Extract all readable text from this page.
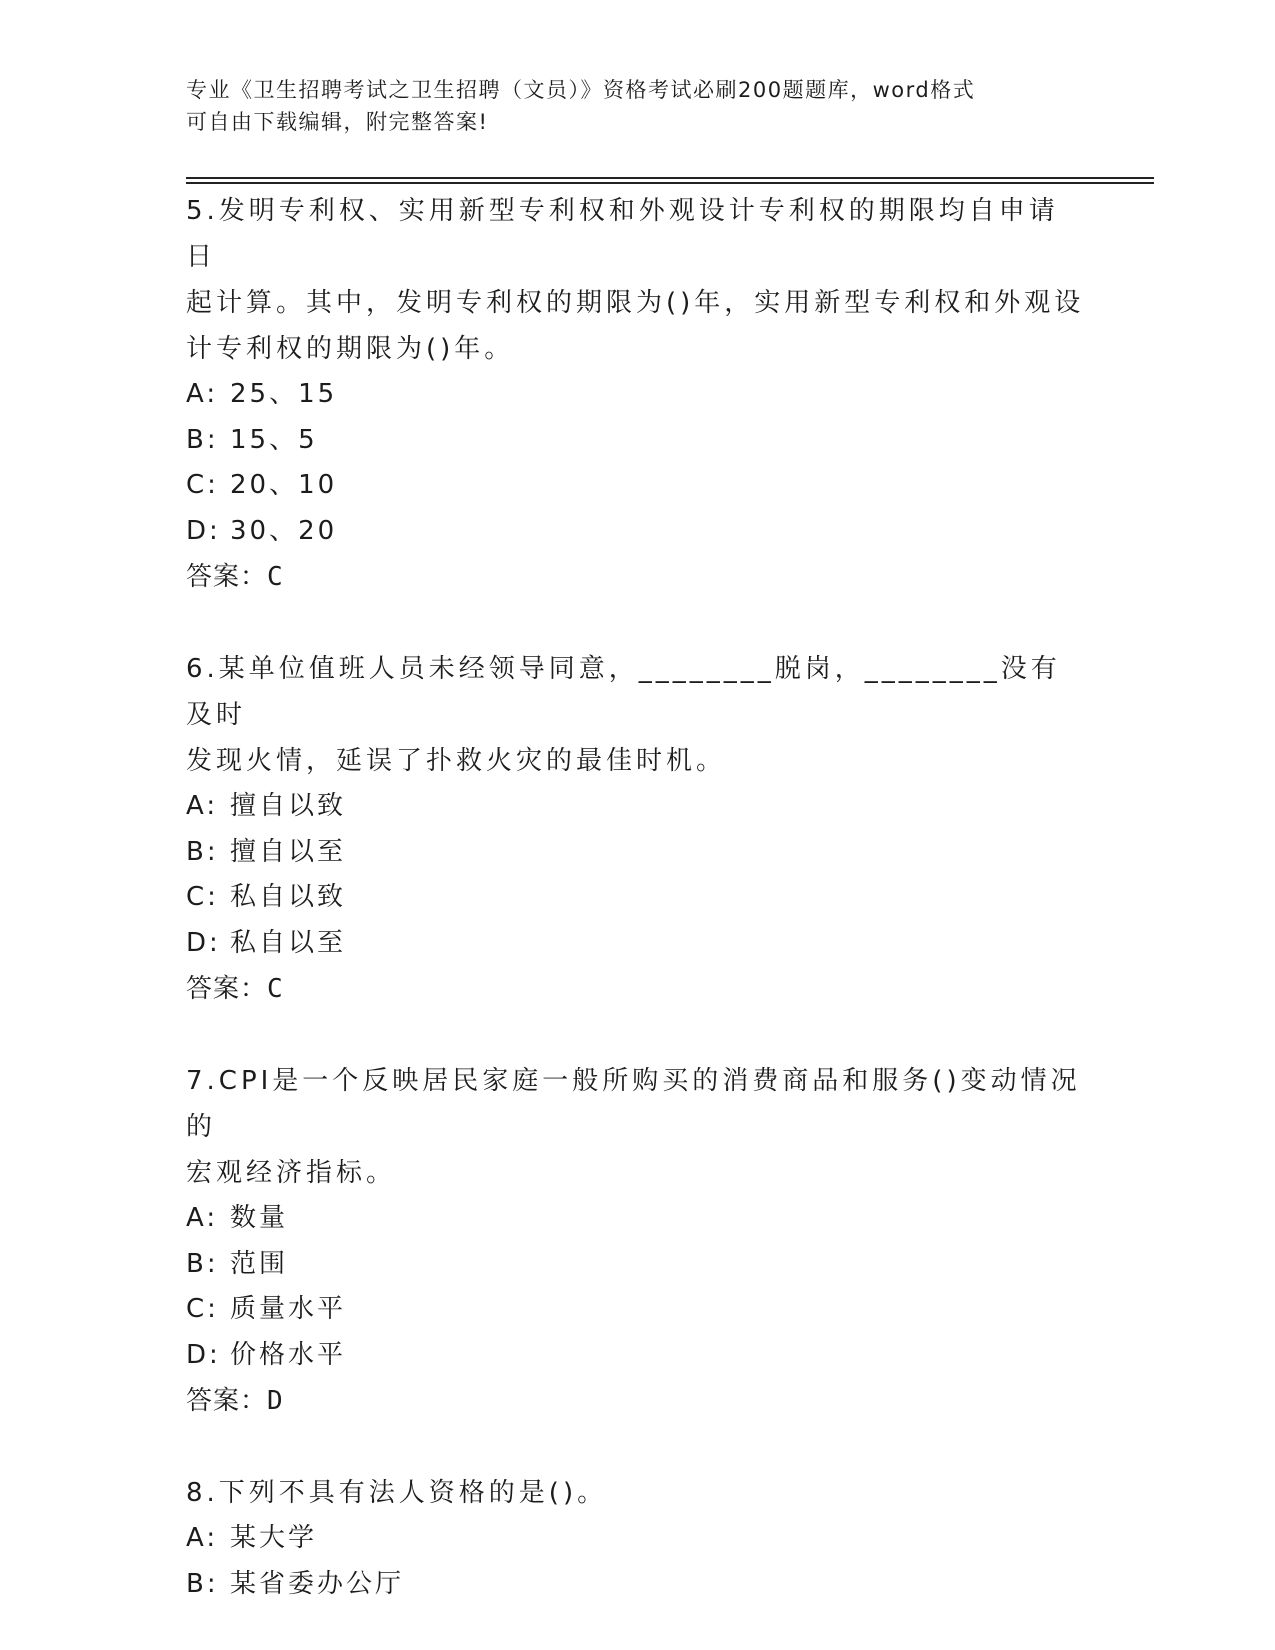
专业《卫生招聘考试之卫生招聘（文员）》资格考试必刷200题题库，word格式
可自由下载编辑，附完整答案!

5.发明专利权、实用新型专利权和外观设计专利权的期限均自申请日
起计算。其中，发明专利权的期限为()年，实用新型专利权和外观设
计专利权的期限为()年。

A: 25、15

B: 15、5

C: 20、10

D: 30、20

答案：C

6.某单位值班人员未经领导同意，________脱岗，________没有及时
发现火情，延误了扑救火灾的最佳时机。

A: 擅自以致

B: 擅自以至

C: 私自以致

D: 私自以至

答案：C

7.CPI是一个反映居民家庭一般所购买的消费商品和服务()变动情况的
宏观经济指标。

A: 数量

B: 范围

C: 质量水平

D: 价格水平

答案：D

8.下列不具有法人资格的是()。

A: 某大学

B: 某省委办公厅
